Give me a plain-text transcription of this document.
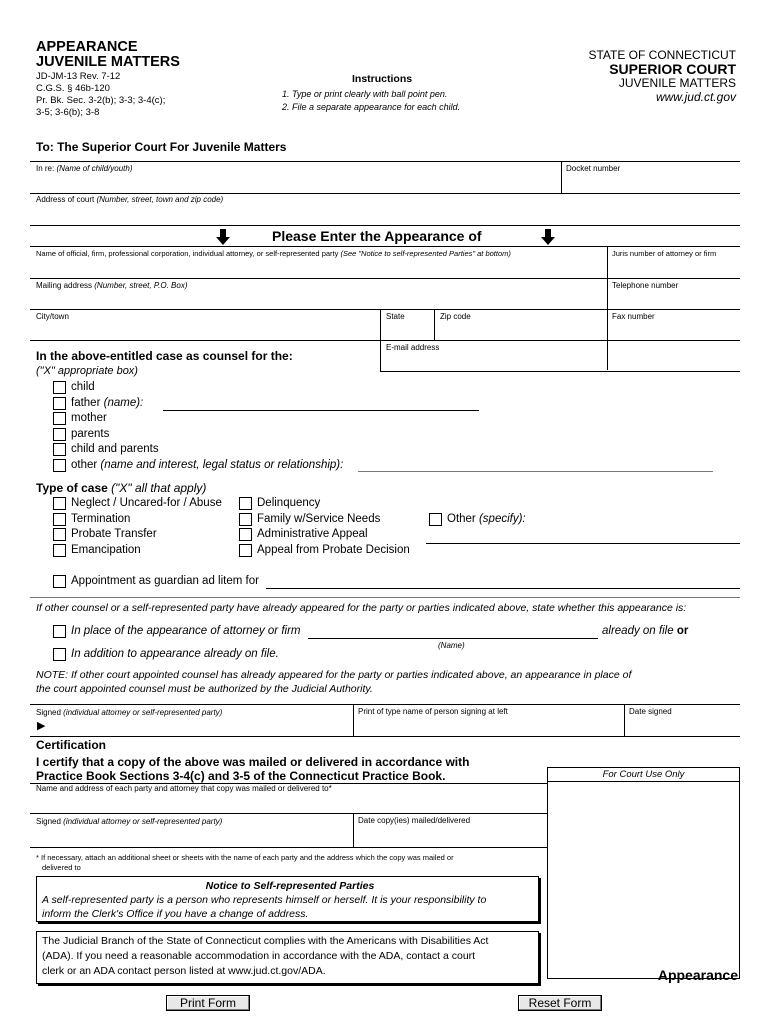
APPEARANCE
JUVENILE MATTERS
JD-JM-13 Rev. 7-12
C.G.S. § 46b-120
Pr. Bk. Sec. 3-2(b); 3-3; 3-4(c);
3-5; 3-6(b); 3-8
Instructions
1. Type or print clearly with ball point pen.
2. File a separate appearance for each child.
STATE OF CONNECTICUT
SUPERIOR COURT
JUVENILE MATTERS
www.jud.ct.gov
To: The Superior Court For Juvenile Matters
In re: (Name of child/youth)	Docket number
Address of court (Number, street, town and zip code)
Please Enter the Appearance of
Name of official, firm, professional corporation, individual attorney, or self-represented party (See "Notice to self-represented Parties" at bottom)	Juris number of attorney or firm
Mailing address (Number, street, P.O. Box)	Telephone number
City/town	State	Zip code	Fax number
E-mail address
In the above-entitled case as counsel for the:
("X" appropriate box)
child
father (name):
mother
parents
child and parents
other (name and interest, legal status or relationship):
Type of case ("X" all that apply)
Neglect / Uncared-for / Abuse
Termination
Probate Transfer
Emancipation
Delinquency
Family w/Service Needs
Administrative Appeal
Appeal from Probate Decision
Other (specify):
Appointment as guardian ad litem for
If other counsel or a self-represented party have already appeared for the party or parties indicated above, state whether this appearance is:
In place of the appearance of attorney or firm	already on file or
(Name)
In addition to appearance already on file.
NOTE: If other court appointed counsel has already appeared for the party or parties indicated above, an appearance in place of
the court appointed counsel must be authorized by the Judicial Authority.
Signed (individual attorney or self-represented party)	Print of type name of person signing at left	Date signed
▶
Certification
I certify that a copy of the above was mailed or delivered in accordance with
Practice Book Sections 3-4(c) and 3-5 of the Connecticut Practice Book.	For Court Use Only
Name and address of each party and attorney that copy was mailed or delivered to*
Signed (individual attorney or self-represented party)	Date copy(ies) mailed/delivered
* If necessary, attach an additional sheet or sheets with the name of each party and the address which the copy was mailed or
delivered to
Notice to Self-represented Parties
A self-represented party is a person who represents himself or herself. It is your responsibility to
inform the Clerk's Office if you have a change of address.
The Judicial Branch of the State of Connecticut complies with the Americans with Disabilities Act
(ADA). If you need a reasonable accommodation in accordance with the ADA, contact a court
clerk or an ADA contact person listed at www.jud.ct.gov/ADA.	Appearance
Print Form	Reset Form
